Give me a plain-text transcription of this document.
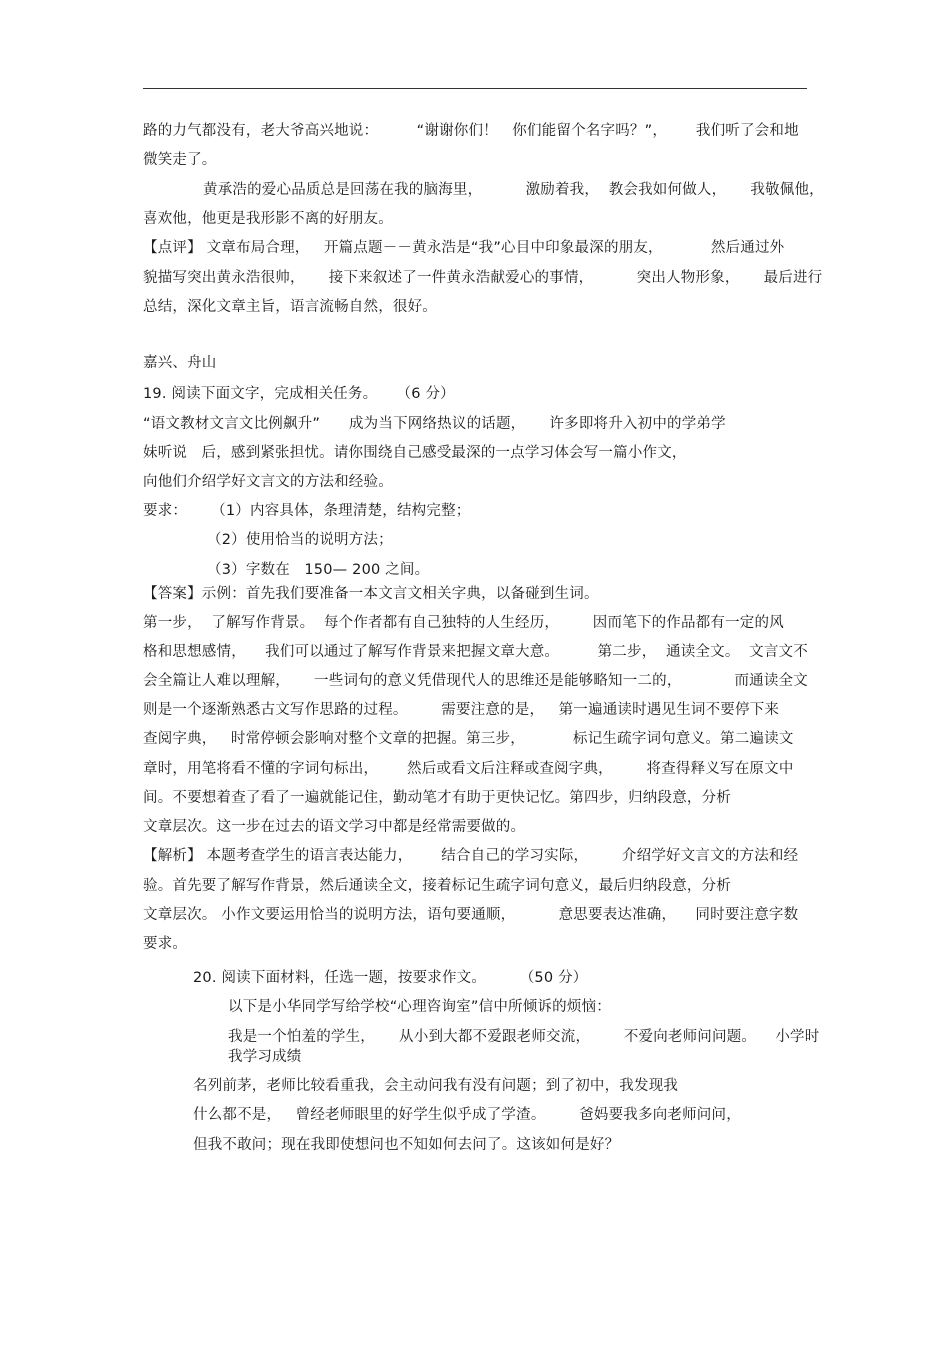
路的力气都没有，老大爷高兴地说：        “谢谢你们！   你们能留个名字吗？”，      我们听了会和地
微笑走了。
黄承浩的爱心品质总是回荡在我的脑海里，         激励着我，  教会我如何做人，     我敬佩他，
喜欢他，他更是我形影不离的好朋友。
【点评】 文章布局合理，   开篇点题－－黄永浩是“我”心目中印象最深的朋友，          然后通过外
貌描写突出黄永浩很帅，     接下来叙述了一件黄永浩献爱心的事情，         突出人物形象，     最后进行
总结，深化文章主旨，语言流畅自然，很好。
嘉兴、舟山
19. 阅读下面文字，完成相关任务。    （6 分）
“语文教材文言文比例飙升”      成为当下网络热议的话题，     许多即将升入初中的学弟学
妹听说   后，感到紧张担忧。请你围绕自己感受最深的一点学习体会写一篇小作文，
向他们介绍学好文言文的方法和经验。
要求：     （1）内容具体，条理清楚，结构完整；
（2）使用恰当的说明方法；
（3）字数在   150— 200 之间。
【答案】示例：首先我们要准备一本文言文相关字典，以备碰到生词。
第一步，  了解写作背景。  每个作者都有自己独特的人生经历，       因而笔下的作品都有一定的风
格和思想感情，    我们可以通过了解写作背景来把握文章大意。        第二步，  通读全文。  文言文不
会全篇让人难以理解，     一些词句的意义凭借现代人的思维还是能够略知一二的，           而通读全文
则是一个逐渐熟悉古文写作思路的过程。       需要注意的是，   第一遍通读时遇见生词不要停下来
查阅字典，   时常停顿会影响对整个文章的把握。第三步，          标记生疏字词句意义。第二遍读文
章时，用笔将看不懂的字词句标出，      然后或看文后注释或查阅字典，       将查得释义写在原文中
间。不要想着查了看了一遍就能记住，勤动笔才有助于更快记忆。第四步，归纳段意，分析
文章层次。这一步在过去的语文学习中都是经常需要做的。
【解析】 本题考查学生的语言表达能力，      结合自己的学习实际，       介绍学好文言文的方法和经
验。首先要了解写作背景，然后通读全文，接着标记生疏字词句意义，最后归纳段意，分析
文章层次。 小作文要运用恰当的说明方法，语句要通顺，         意思要表达准确，    同时要注意字数
要求。
20. 阅读下面材料，任选一题，按要求作文。       （50 分）
以下是小华同学写给学校“心理咨询室”信中所倾诉的烦恼：
我是一个怕羞的学生，     从小到大都不爱跟老师交流，       不爱向老师问问题。    小学时
我学习成绩
名列前茅，老师比较看重我，会主动问我有没有问题；到了初中，我发现我
什么都不是，   曾经老师眼里的好学生似乎成了学渣。       爸妈要我多向老师问问，
但我不敢问；现在我即使想问也不知如何去问了。这该如何是好？
